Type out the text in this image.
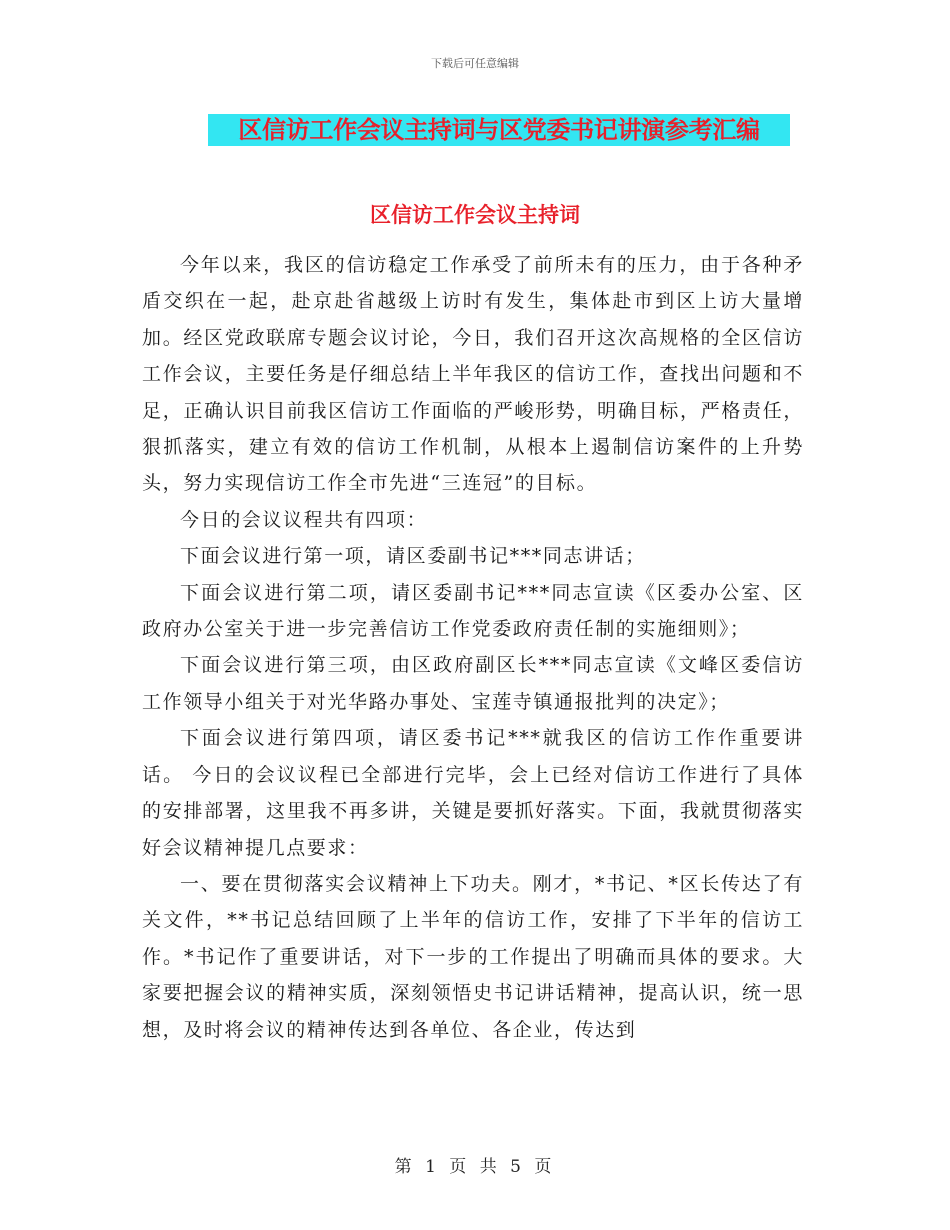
下载后可任意编辑
区信访工作会议主持词与区党委书记讲演参考汇编
区信访工作会议主持词

今年以来，我区的信访稳定工作承受了前所未有的压力，由于各种矛盾交织在一起，赴京赴省越级上访时有发生，集体赴市到区上访大量增加。经区党政联席专题会议讨论，今日，我们召开这次高规格的全区信访工作会议，主要任务是仔细总结上半年我区的信访工作，查找出问题和不足，正确认识目前我区信访工作面临的严峻形势，明确目标，严格责任，狠抓落实，建立有效的信访工作机制，从根本上遏制信访案件的上升势头，努力实现信访工作全市先进“三连冠”的目标。

今日的会议议程共有四项：

下面会议进行第一项，请区委副书记***同志讲话；

下面会议进行第二项，请区委副书记***同志宣读《区委办公室、区政府办公室关于进一步完善信访工作党委政府责任制的实施细则》；

下面会议进行第三项，由区政府副区长***同志宣读《文峰区委信访工作领导小组关于对光华路办事处、宝莲寺镇通报批判的决定》；

下面会议进行第四项，请区委书记***就我区的信访工作作重要讲话。 今日的会议议程已全部进行完毕，会上已经对信访工作进行了具体的安排部署，这里我不再多讲，关键是要抓好落实。下面，我就贯彻落实好会议精神提几点要求：

一、要在贯彻落实会议精神上下功夫。刚才，*书记、*区长传达了有关文件，**书记总结回顾了上半年的信访工作，安排了下半年的信访工作。*书记作了重要讲话，对下一步的工作提出了明确而具体的要求。大家要把握会议的精神实质，深刻领悟史书记讲话精神，提高认识，统一思想，及时将会议的精神传达到各单位、各企业，传达到

第 1 页 共 5 页
